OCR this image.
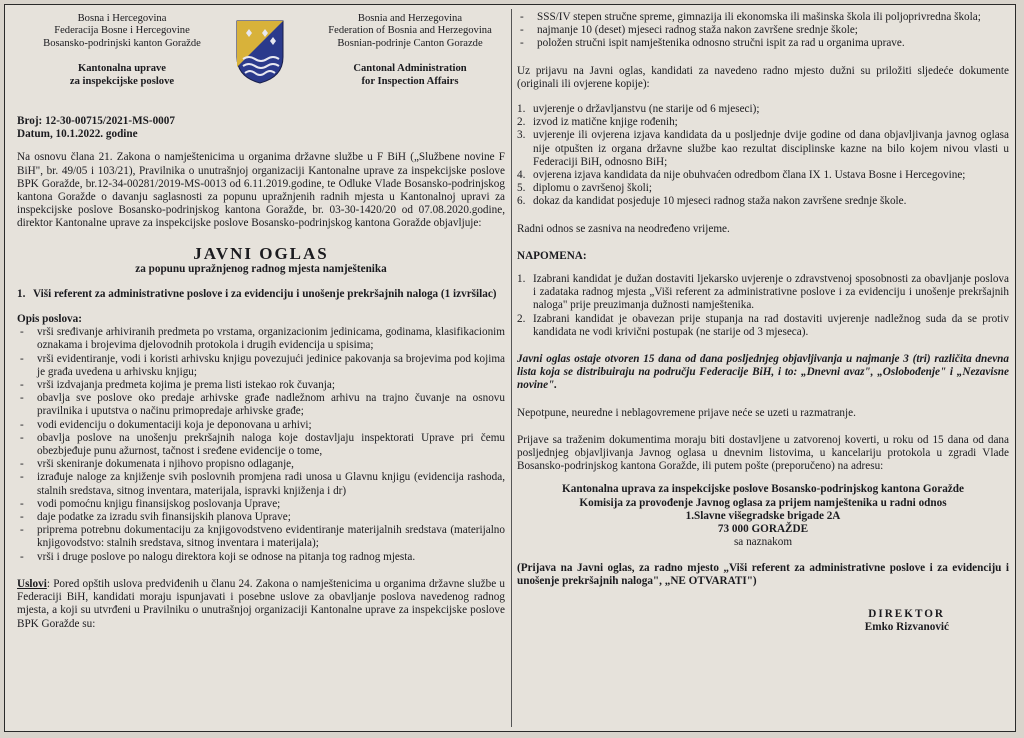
Bosna i Hercegovina
Federacija Bosne i Hercegovine
Bosansko-podrinjski kanton Goražde
Kantonalna uprave
za inspekcijske poslove
Bosnia and Herzegovina
Federation of Bosnia and Herzegovina
Bosnian-podrinje Canton Gorazde
Cantonal Administration
for Inspection Affairs
Broj: 12-30-00715/2021-MS-0007
Datum, 10.1.2022. godine

Na osnovu člana 21. Zakona o namještenicima u organima državne službe u F BiH („Službene novine F BiH", br. 49/05 i 103/21), Pravilnika o unutrašnjoj organizaciji Kantonalne uprave za inspekcijske poslove BPK Goražde, br.12-34-00281/2019-MS-0013 od 6.11.2019.godine, te Odluke Vlade Bosansko-podrinjskog kantona Goražde o davanju saglasnosti za popunu upražnjenih radnih mjesta u Kantonalnoj upravi za inspekcijske poslove Bosansko-podrinjskog kantona Goražde, br. 03-30-1420/20 od 07.08.2020.godine, direktor Kantonalne uprave za inspekcijske poslove Bosansko-podrinjskog kantona Goražde objavljuje:

JAVNI OGLAS
za popunu upražnjenog radnog mjesta namještenika
1. Viši referent za administrativne poslove i za evidenciju i unošenje prekršajnih naloga (1 izvršilac)
Opis poslova:
- vrši sređivanje arhiviranih predmeta po vrstama, organizacionim jedinicama, godinama, klasifikacionim oznakama i brojevima djelovodnih protokola i drugih evidencija u spisima;
- vrši evidentiranje, vodi i koristi arhivsku knjigu povezujući jedinice pakovanja sa brojevima pod kojima je građa uvedena u arhivsku knjigu;
- vrši izdvajanja predmeta kojima je prema listi istekao rok čuvanja;
- obavlja sve poslove oko predaje arhivske građe nadležnom arhivu na trajno čuvanje na osnovu pravilnika i uputstva o načinu primopredaje arhivske građe;
- vodi evidenciju o dokumentaciji koja je deponovana u arhivi;
- obavlja poslove na unošenju prekršajnih naloga koje dostavljaju inspektorati Uprave pri čemu obezbjeđuje punu ažurnost, tačnost i sređene evidencije o tome,
- vrši skeniranje dokumenata i njihovo propisno odlaganje,
- izrađuje naloge za knjiženje svih poslovnih promjena radi unosa u Glavnu knjigu (evidencija rashoda, stalnih sredstava, sitnog inventara, materijala, ispravki knjiženja i dr)
- vodi pomoćnu knjigu finansijskog poslovanja Uprave;
- daje podatke za izradu svih finansijskih planova Uprave;
- priprema potrebnu dokumentaciju za knjigovodstveno evidentiranje materijalnih sredstava (materijalno knjigovodstvo: stalnih sredstava, sitnog inventara i materijala);
- vrši i druge poslove po nalogu direktora koji se odnose na pitanja tog radnog mjesta.

Uslovi: Pored opštih uslova predviđenih u članu 24. Zakona o namještenicima u organima državne službe u Federaciji BiH, kandidati moraju ispunjavati i posebne uslove za obavljanje poslova navedenog radnog mjesta, a koji su utvrđeni u Pravilniku o unutrašnjoj organizaciji Kantonalne uprave za inspekcijske poslove BPK Goražde su:

- SSS/IV stepen stručne spreme, gimnazija ili ekonomska ili mašinska škola ili poljoprivredna škola;
- najmanje 10 (deset) mjeseci radnog staža nakon završene srednje škole;
- položen stručni ispit namještenika odnosno stručni ispit za rad u organima uprave.

Uz prijavu na Javni oglas, kandidati za navedeno radno mjesto dužni su priložiti sljedeće dokumente (originali ili ovjerene kopije):

1. uvjerenje o državljanstvu (ne starije od 6 mjeseci);
2. izvod iz matične knjige rođenih;
3. uvjerenje ili ovjerena izjava kandidata da u posljednje dvije godine od dana objavljivanja javnog oglasa nije otpušten iz organa državne službe kao rezultat disciplinske kazne na bilo kojem nivou vlasti u Federaciji BiH, odnosno BiH;
4. ovjerena izjava kandidata da nije obuhvaćen odredbom člana IX 1. Ustava Bosne i Hercegovine;
5. diplomu o završenoj školi;
6. dokaz da kandidat posjeduje 10 mjeseci radnog staža nakon završene srednje škole.

Radni odnos se zasniva na neodređeno vrijeme.

NAPOMENA:
1. Izabrani kandidat je dužan dostaviti ljekarsko uvjerenje o zdravstvenoj sposobnosti za obavljanje poslova i zadataka radnog mjesta „Viši referent za administrativne poslove i za evidenciju i unošenje prekršajnih naloga" prije preuzimanja dužnosti namještenika.
2. Izabrani kandidat je obavezan prije stupanja na rad dostaviti uvjerenje nadležnog suda da se protiv kandidata ne vodi krivični postupak (ne starije od 3 mjeseca).

Javni oglas ostaje otvoren 15 dana od dana posljednjeg objavljivanja u najmanje 3 (tri) različita dnevna lista koja se distribuiraju na području Federacije BiH, i to: „Dnevni avaz", „Oslobođenje" i „Nezavisne novine".

Nepotpune, neuredne i neblagovremene prijave neće se uzeti u razmatranje.

Prijave sa traženim dokumentima moraju biti dostavljene u zatvorenoj koverti, u roku od 15 dana od dana posljednjeg objavljivanja Javnog oglasa u dnevnim listovima, u kancelariju protokola u zgradi Vlade Bosansko-podrinjskog kantona Goražde, ili putem pošte (preporučeno) na adresu:

Kantonalna uprava za inspekcijske poslove Bosansko-podrinjskog kantona Goražde
Komisija za provođenje Javnog oglasa za prijem namještenika u radni odnos
1.Slavne višegradske brigade 2A
73 000 GORAŽDE
sa naznakom

(Prijava na Javni oglas, za radno mjesto „Viši referent za administrativne poslove i za evidenciju i unošenje prekršajnih naloga", „NE OTVARATI")

DIREKTOR
Emko Rizvanović
